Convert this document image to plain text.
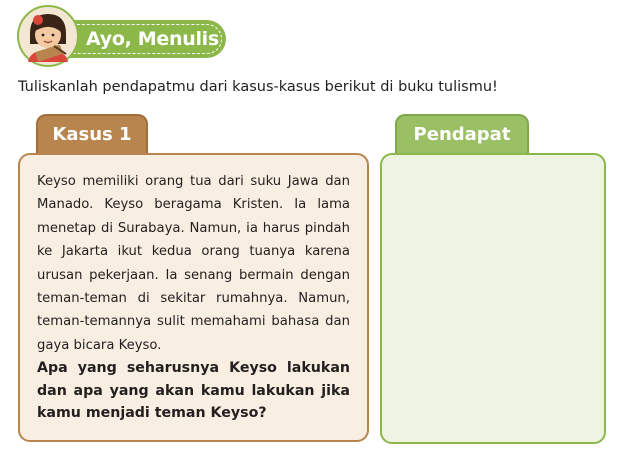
Ayo, Menulis
Tuliskanlah pendapatmu dari kasus-kasus berikut di buku tulismu!
Kasus 1
Keyso memiliki orang tua dari suku Jawa dan Manado. Keyso beragama Kristen. Ia lama menetap di Surabaya. Namun, ia harus pindah ke Jakarta ikut kedua orang tuanya karena urusan pekerjaan. Ia senang bermain dengan teman-teman di sekitar rumahnya. Namun, teman-temannya sulit memahami bahasa dan gaya bicara Keyso.
Apa yang seharusnya Keyso lakukan dan apa yang akan kamu lakukan jika kamu menjadi teman Keyso?
Pendapat
